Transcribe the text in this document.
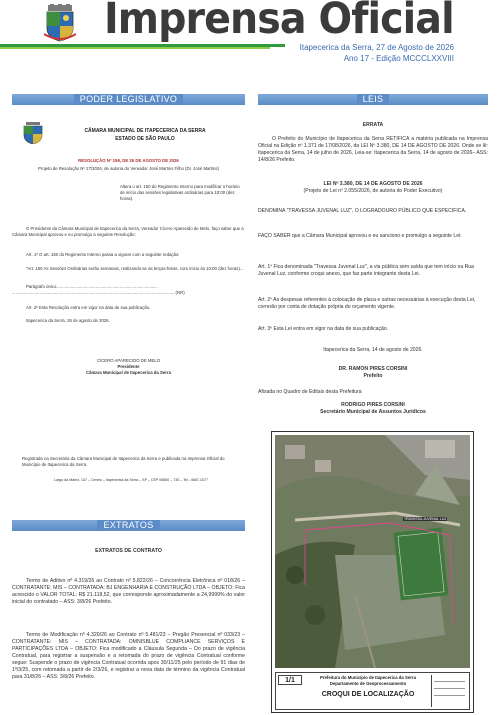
Imprensa Oficial
Itapecerica da Serra, 27 de Agosto de 2026
Ano 17 - Edição MCCCLXXVIII
PODER LEGISLATIVO	LEIS
CÂMARA MUNICIPAL DE ITAPECERICA DA SERRA
ESTADO DE SÃO PAULO
RESOLUÇÃO Nº 159, DE 26 DE AGOSTO DE 2026
Projeto de Resolução Nº 27/2026, de autoria do Vereador José Martins Filho (Dr. José Martins)
Altera o art. 150 do Regimento Interno para modificar o horário de início das sessões legislativas ordinárias para 10:00 (dez horas).
O Presidente da Câmara Municipal de Itapecerica da Serra, Vereador Cícero Aparecido de Melo, faço saber que a Câmara Municipal aprovou e eu promulgo a seguinte Resolução:
Art. 1º O art. 150 do Regimento Interno passa a vigorar com a seguinte redação:
"Art. 150 As Sessões Ordinárias serão semanais, realizando-se às terças-feiras, com início às 10:00 (dez horas)...
Parágrafo único.....................................................................................
........................................................................................................................................ (NR)
Art. 2º Esta Resolução entra em vigor na data de sua publicação.
Itapecerica da Serra, 26 de agosto de 2026.
CÍCERO APARECIDO DE MELO
Presidente
Câmara Municipal de Itapecerica da Serra
Registrada na Secretaria da Câmara Municipal de Itapecerica da Serra e publicada na Imprensa Oficial do Município de Itapecerica da Serra.
Largo da Matriz, 147 – Centro – Itapecerica da Serra – SP – CEP 06850 – 730 – Tel.: 4667-1577
EXTRATOS
EXTRATOS DE CONTRATO
Termo de Aditivo nº 4.319/26 ao Contrato nº 5.822/26 – Concorrência Eletrônica nº 018/26 – CONTRATANTE: MIS – CONTRATADA: BJ ENGENHARIA E CONSTRUÇÃO LTDA – OBJETO: Fica acrescido o VALOR TOTAL: R$ 21.118,52, que corresponde aproximadamente a 24,9999% do valor inicial do contratado – ASS: 3/8/26 Prefeito.
Termo de Modificação nº 4.320/26 ao Contrato nº 5.481/23 – Pregão Presencial nº 033/23 – CONTRATANTE: MIS – CONTRATADA: OMNISBLUE COMPLIANCE SERVIÇOS E PARTICIPAÇÕES LTDA – OBJETO: Fica modificado a Cláusula Segunda – Do prazo de vigência Contratual, para registrar a suspensão e a retomada do prazo de vigência Contratual conforme segue: Suspende o prazo de vigência Contratual ocorrida apos 30/11/25 pelo período de 91 dias de 1º/3/25, com retomada a partir de 2/3/26, e registrar a nova data de término da vigência Contratual para 31/8/26 – ASS: 3/8/26 Prefeito.
ERRATA
O Prefeito do Município de Itapecerica da Serra RETIFICA a matéria publicada na Imprensa Oficial na Edição nº 1.371 de 17/08/2026, da LEI Nº 3.380, DE 14 DE AGOSTO DE 2026. Onde se lê: Itapecerica da Serra, 14 de julho de 2026, Leia-se: Itapecerica da Serra, 14 de agosto de 2026– ASS: 14/8/26 Prefeito.
LEI Nº 3.380, DE 14 DE AGOSTO DE 2026
(Projeto de Lei nº 2.055/2026, de autoria do Poder Executivo)
DENOMINA "TRAVESSA JUVENAL LUZ", O LOGRADOURO PÚBLICO QUE ESPECIFICA.
FAÇO SABER que a Câmara Municipal aprovou e eu sanciono e promulgo a seguinte Lei:
Art. 1º Fica denominada "Travessa Juvenal Luz", a via pública sem saída que tem início na Rua Juvenal Luz, conforme croqui anexo, que faz parte integrante desta Lei.
Art. 2º As despesas referentes à colocação de placa e outras necessárias à execução desta Lei, correrão por conta de dotação própria do orçamento vigente.
Art. 3º Esta Lei entra em vigor na data de sua publicação.
Itapecerica da Serra, 14 de agosto de 2026.
DR. RAMON PIRES CORSINI
Prefeito
Afixada no Quadro de Editais desta Prefeitura
RODRIGO PIRES CORSINI
Secretário Municipal de Assuntos Jurídicos
TRAVESSA JUVENAL LUZ
1/1	Prefeitura do Município de Itapecerica da Serra
Departamento de Geoprocessamento
CROQUI DE LOCALIZAÇÃO
